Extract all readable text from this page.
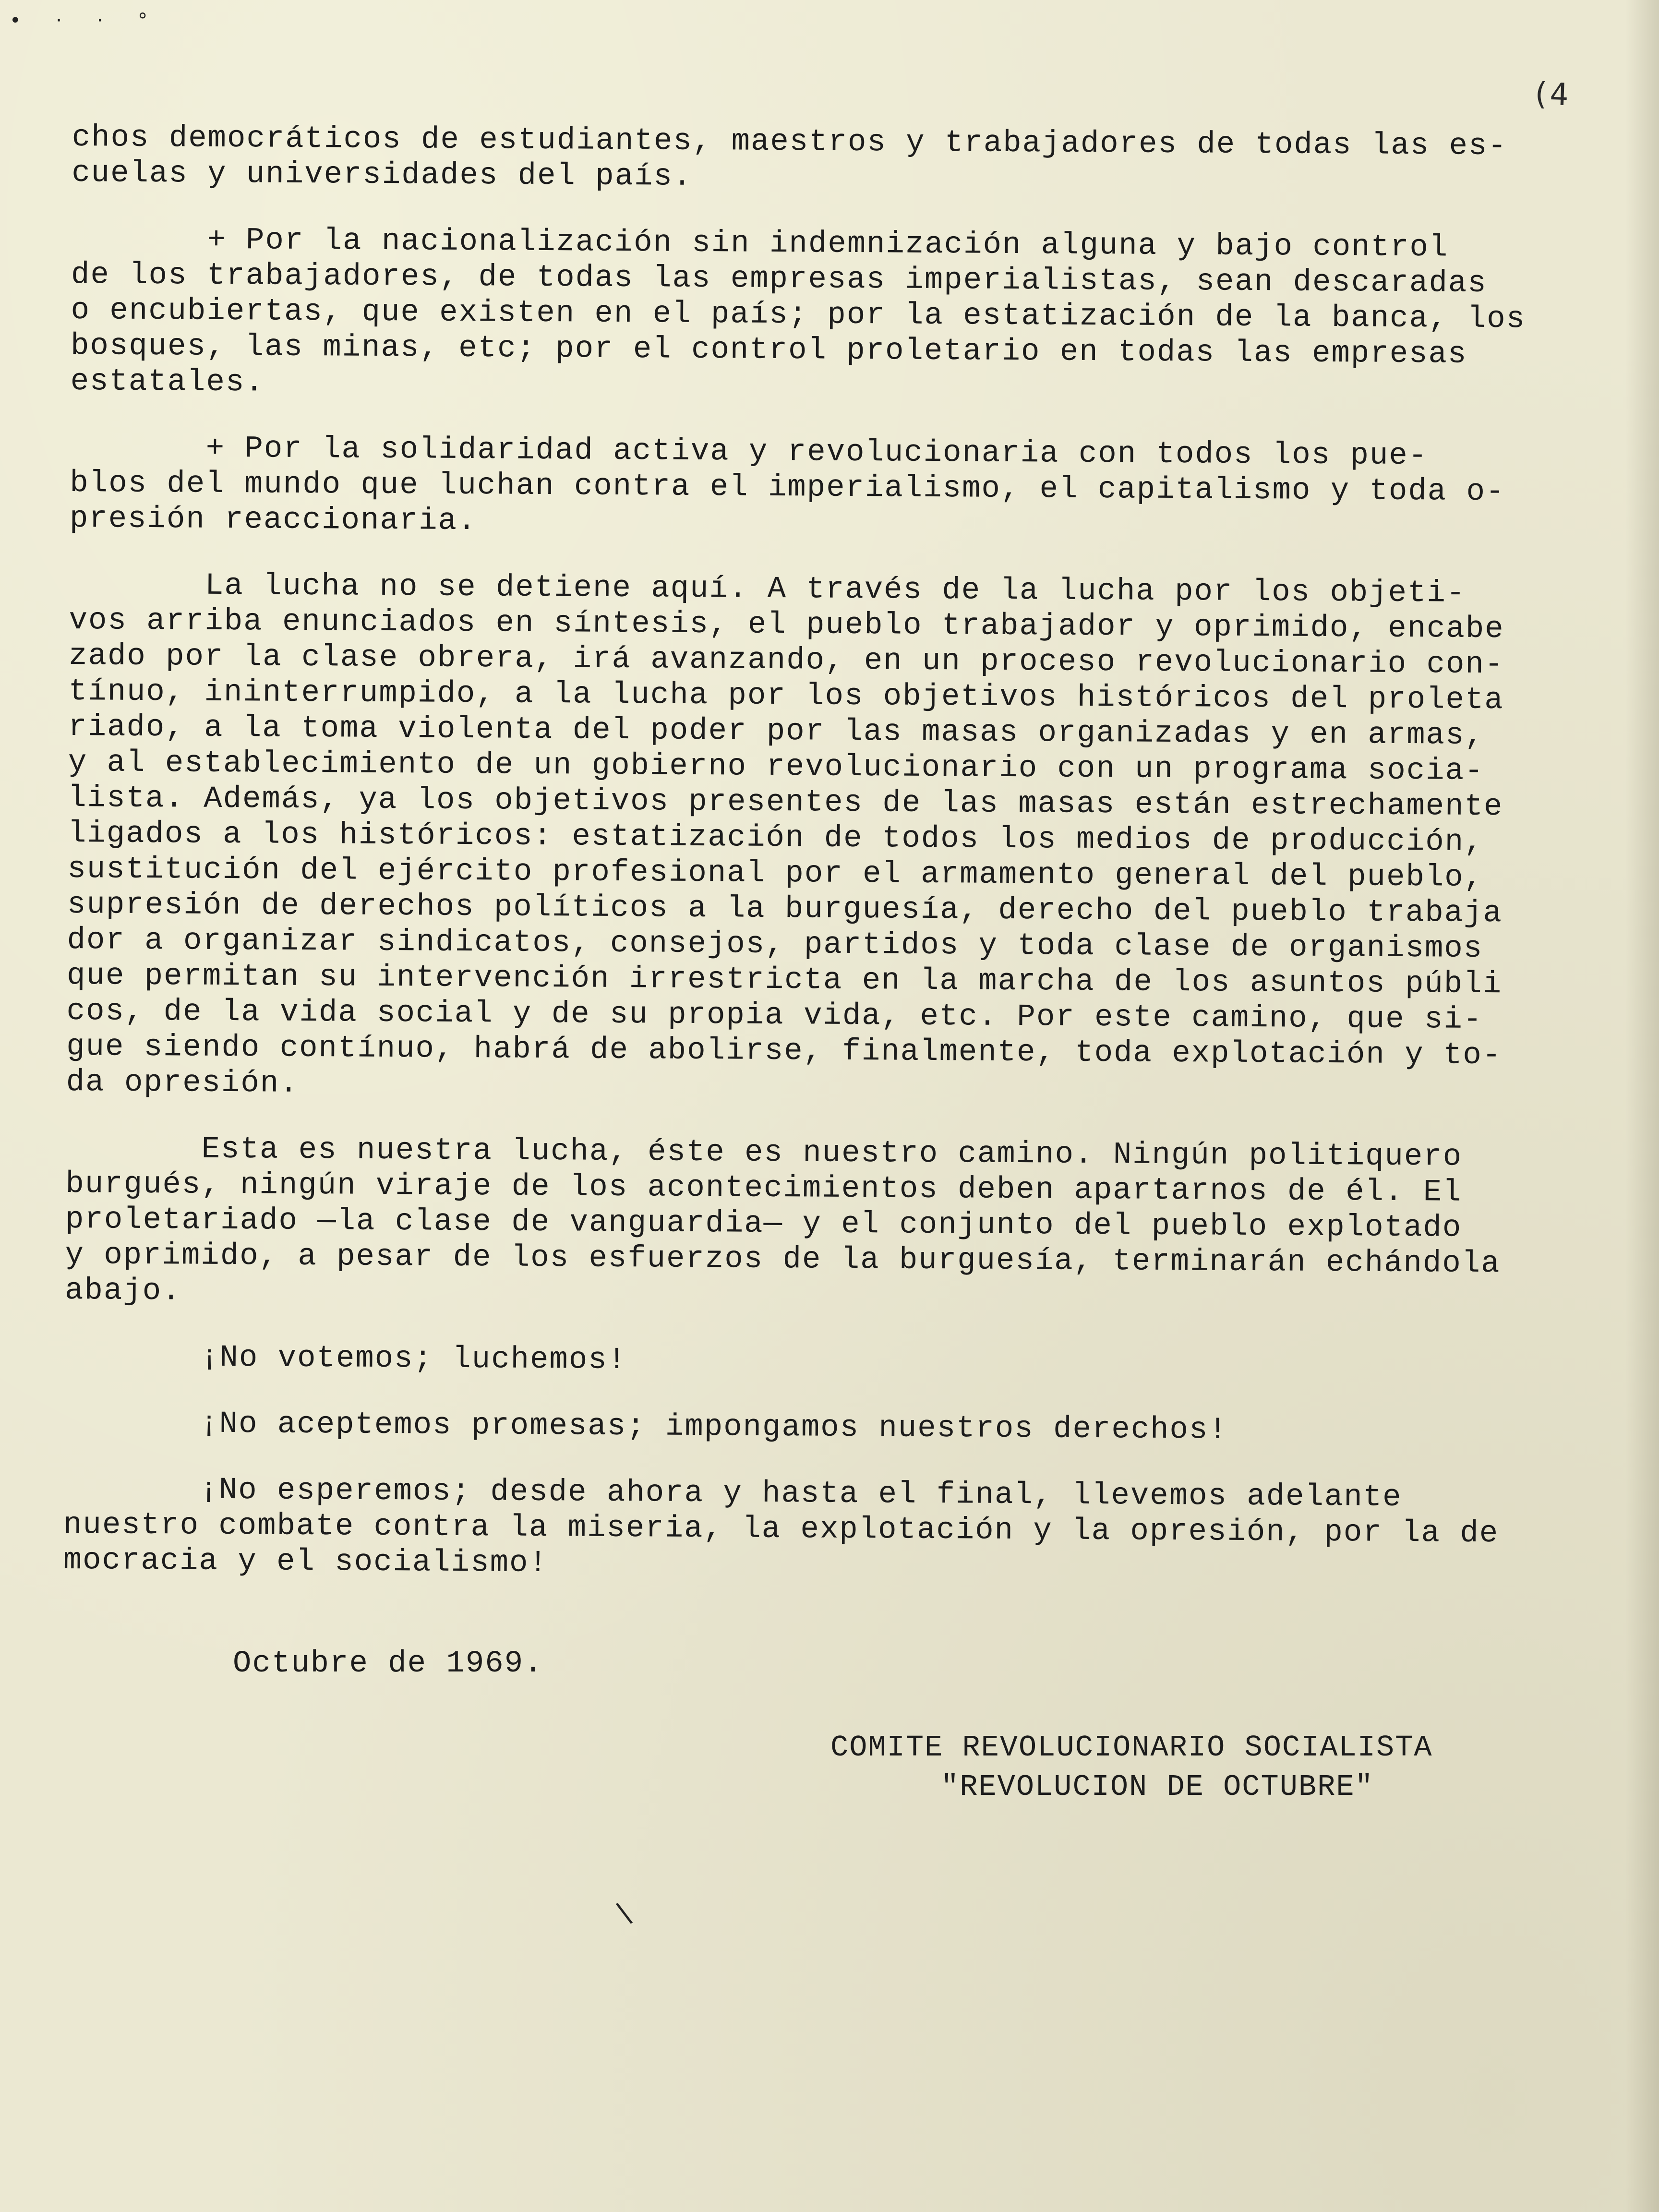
• · · °
(4
chos democráticos de estudiantes, maestros y trabajadores de todas las es-
cuelas y universidades del país.
+ Por la nacionalización sin indemnización alguna y bajo control
de los trabajadores, de todas las empresas imperialistas, sean descaradas
o encubiertas, que existen en el país; por la estatización de la banca, los
bosques, las minas, etc; por el control proletario en todas las empresas
estatales.
+ Por la solidaridad activa y revolucionaria con todos los pue-
blos del mundo que luchan contra el imperialismo, el capitalismo y toda o-
presión reaccionaria.
La lucha no se detiene aquí. A través de la lucha por los objeti-
vos arriba enunciados en síntesis, el pueblo trabajador y oprimido, encabe
zado por la clase obrera, irá avanzando, en un proceso revolucionario con-
tínuo, ininterrumpido, a la lucha por los objetivos históricos del proleta
riado, a la toma violenta del poder por las masas organizadas y en armas,
y al establecimiento de un gobierno revolucionario con un programa socia-
lista. Además, ya los objetivos presentes de las masas están estrechamente
ligados a los históricos: estatización de todos los medios de producción,
sustitución del ejército profesional por el armamento general del pueblo,
supresión de derechos políticos a la burguesía, derecho del pueblo trabaja
dor a organizar sindicatos, consejos, partidos y toda clase de organismos
que permitan su intervención irrestricta en la marcha de los asuntos públi
cos, de la vida social y de su propia vida, etc. Por este camino, que si-
gue siendo contínuo, habrá de abolirse, finalmente, toda explotación y to-
da opresión.
Esta es nuestra lucha, éste es nuestro camino. Ningún politiquero
burgués, ningún viraje de los acontecimientos deben apartarnos de él. El
proletariado —la clase de vanguardia— y el conjunto del pueblo explotado
y oprimido, a pesar de los esfuerzos de la burguesía, terminarán echándola
abajo.
¡No votemos; luchemos!
¡No aceptemos promesas; impongamos nuestros derechos!
¡No esperemos; desde ahora y hasta el final, llevemos adelante
nuestro combate contra la miseria, la explotación y la opresión, por la de
mocracia y el socialismo!
Octubre de 1969.
COMITE REVOLUCIONARIO SOCIALISTA
"REVOLUCION DE OCTUBRE"
\
